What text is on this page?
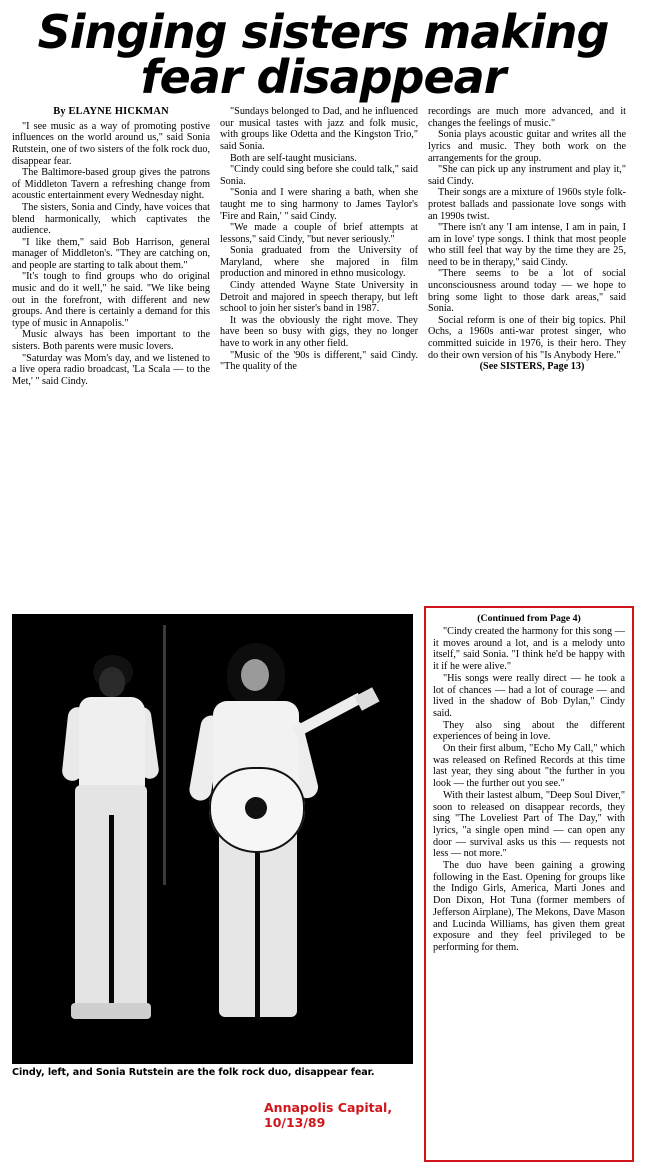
Singing sisters making
fear disappear
By ELAYNE HICKMAN

"I see music as a way of promoting postive influences on the world around us," said Sonia Rutstein, one of two sisters of the folk rock duo, disappear fear.

The Baltimore-based group gives the patrons of Middleton Tavern a refreshing change from acoustic entertainment every Wednesday night.

The sisters, Sonia and Cindy, have voices that blend harmonically, which captivates the audience.

"I like them," said Bob Harrison, general manager of Middleton's. "They are catching on, and people are starting to talk about them."

"It's tough to find groups who do original music and do it well," he said. "We like being out in the forefront, with different and new groups. And there is certainly a demand for this type of music in Annapolis."

Music always has been important to the sisters. Both parents were music lovers.

"Saturday was Mom's day, and we listened to a live opera radio broadcast, 'La Scala — to the Met,' " said Cindy.

"Sundays belonged to Dad, and he influenced our musical tastes with jazz and folk music, with groups like Odetta and the Kingston Trio," said Sonia.

Both are self-taught musicians.

"Cindy could sing before she could talk," said Sonia.

"Sonia and I were sharing a bath, when she taught me to sing harmony to James Taylor's 'Fire and Rain,' " said Cindy.

"We made a couple of brief attempts at lessons," said Cindy, "but never seriously."

Sonia graduated from the University of Maryland, where she majored in film production and minored in ethno musicology.

Cindy attended Wayne State University in Detroit and majored in speech therapy, but left school to join her sister's band in 1987.

It was the obviously the right move. They have been so busy with gigs, they no longer have to work in any other field.

"Music of the '90s is different," said Cindy. "The quality of the

recordings are much more advanced, and it changes the feelings of music."

Sonia plays acoustic guitar and writes all the lyrics and music. They both work on the arrangements for the group.

"She can pick up any instrument and play it," said Cindy.

Their songs are a mixture of 1960s style folk-protest ballads and passionate love songs with an 1990s twist.

"There isn't any 'I am intense, I am in pain, I am in love' type songs. I think that most people who still feel that way by the time they are 25, need to be in therapy," said Cindy.

"There seems to be a lot of social unconsciousness around today — we hope to bring some light to those dark areas," said Sonia.

Social reform is one of their big topics. Phil Ochs, a 1960s anti-war protest singer, who committed suicide in 1976, is their hero. They do their own version of his "Is Anybody Here."

(See SISTERS, Page 13)

Cindy, left, and Sonia Rutstein are the folk rock duo, disappear fear.
Annapolis Capital,
10/13/89
(Continued from Page 4)

"Cindy created the harmony for this song — it moves around a lot, and is a melody unto itself," said Sonia. "I think he'd be happy with it if he were alive."

"His songs were really direct — he took a lot of chances — had a lot of courage — and lived in the shadow of Bob Dylan," Cindy said.

They also sing about the different experiences of being in love.

On their first album, "Echo My Call," which was released on Refined Records at this time last year, they sing about "the further in you look — the further out you see."

With their lastest album, "Deep Soul Diver," soon to released on disappear records, they sing "The Loveliest Part of The Day," with lyrics, "a single open mind — can open any door — survival asks us this — requests not less — not more."

The duo have been gaining a growing following in the East. Opening for groups like the Indigo Girls, America, Marti Jones and Don Dixon, Hot Tuna (former members of Jefferson Airplane), The Mekons, Dave Mason and Lucinda Williams, has given them great exposure and they feel privileged to be performing for them.
